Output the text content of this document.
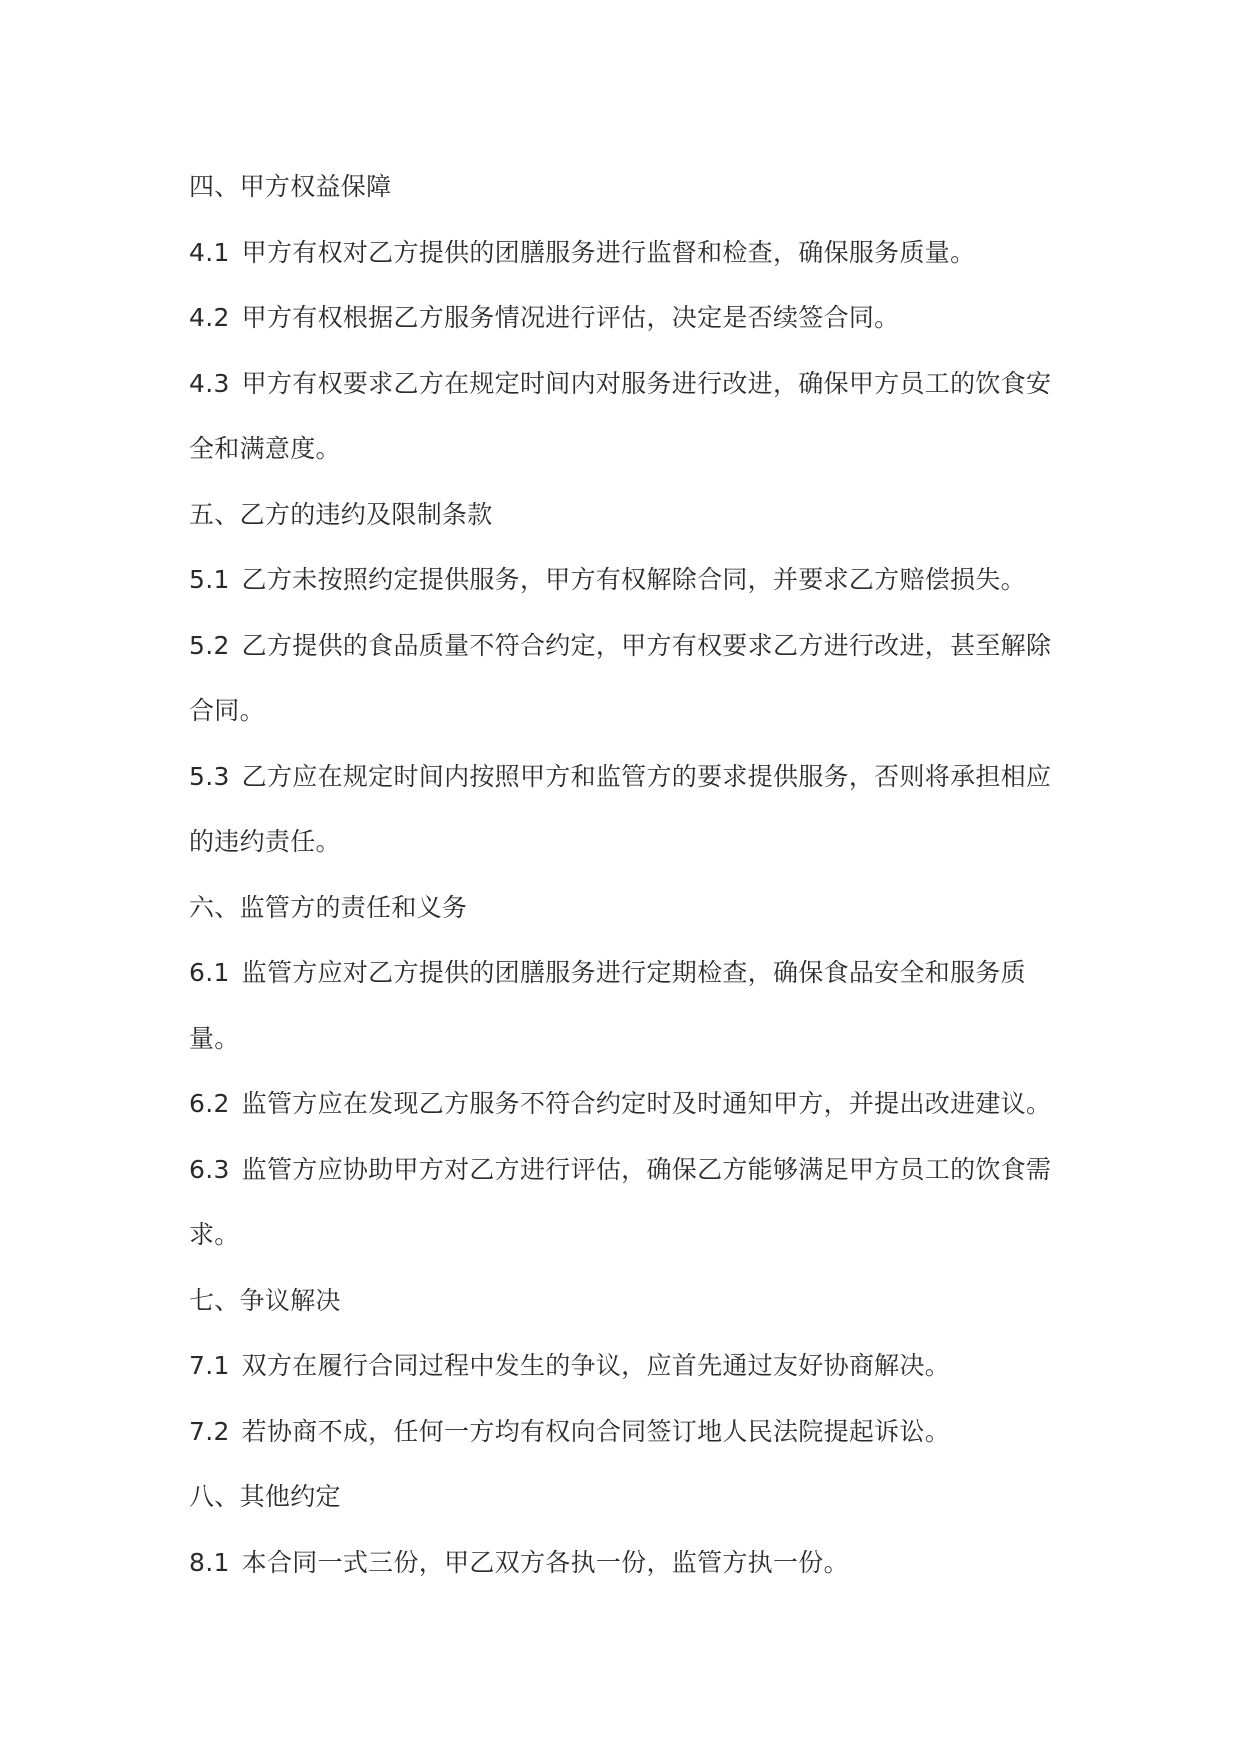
四、甲方权益保障
4.1 甲方有权对乙方提供的团膳服务进行监督和检查，确保服务质量。
4.2 甲方有权根据乙方服务情况进行评估，决定是否续签合同。
4.3 甲方有权要求乙方在规定时间内对服务进行改进，确保甲方员工的饮食安
全和满意度。
五、乙方的违约及限制条款
5.1 乙方未按照约定提供服务，甲方有权解除合同，并要求乙方赔偿损失。
5.2 乙方提供的食品质量不符合约定，甲方有权要求乙方进行改进，甚至解除
合同。
5.3 乙方应在规定时间内按照甲方和监管方的要求提供服务，否则将承担相应
的违约责任。
六、监管方的责任和义务
6.1 监管方应对乙方提供的团膳服务进行定期检查，确保食品安全和服务质
量。
6.2 监管方应在发现乙方服务不符合约定时及时通知甲方，并提出改进建议。
6.3 监管方应协助甲方对乙方进行评估，确保乙方能够满足甲方员工的饮食需
求。
七、争议解决
7.1 双方在履行合同过程中发生的争议，应首先通过友好协商解决。
7.2 若协商不成，任何一方均有权向合同签订地人民法院提起诉讼。
八、其他约定
8.1 本合同一式三份，甲乙双方各执一份，监管方执一份。
